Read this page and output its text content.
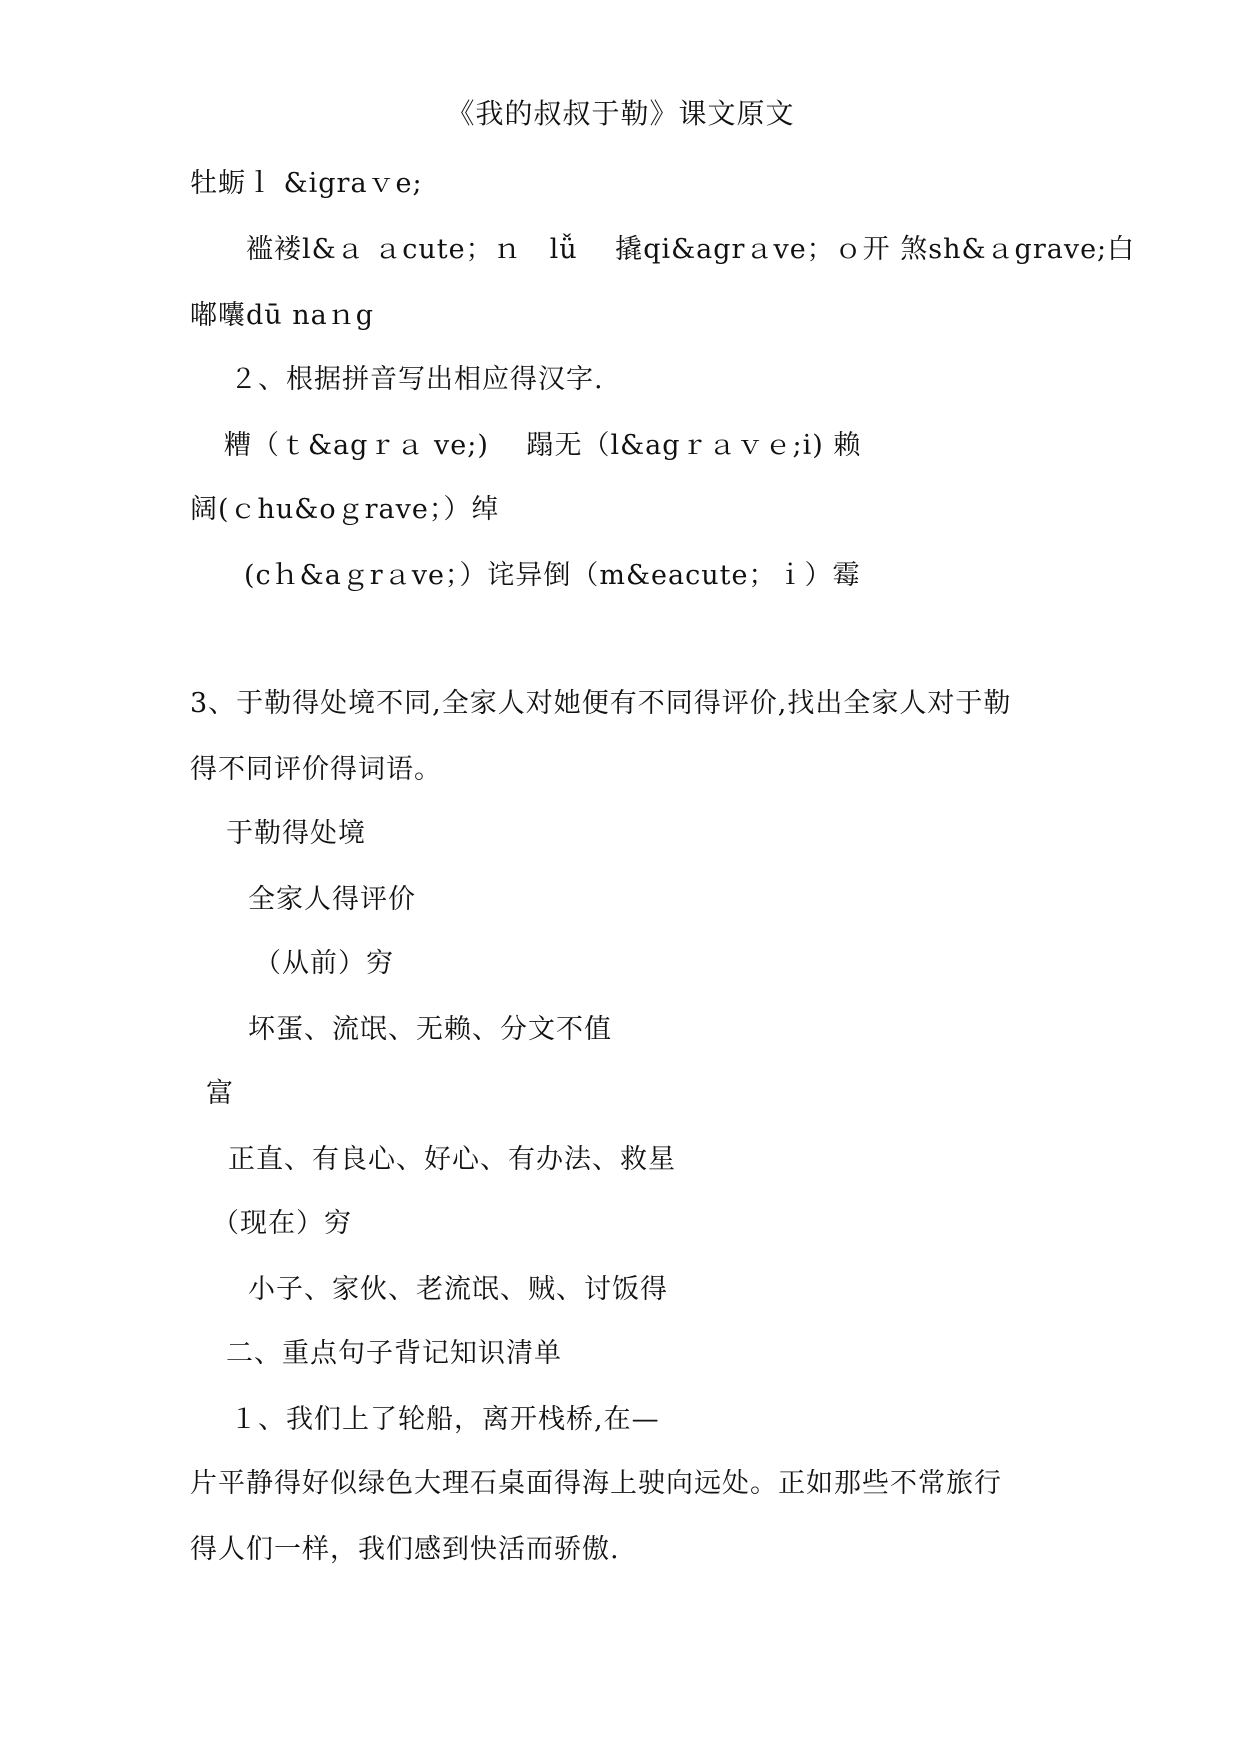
《我的叔叔于勒》课文原文
牡蛎ｌ &igraｖe;
褴褛l&ａ ａcute；ｎ　lǚ　 撬qi&agrａve；ｏ开 煞sh&ａgrave;白
嘟囔dū naｎg
２、根据拼音写出相应得汉字.
糟（ｔ&agｒａ ve;)　 蹋无（l&agｒａｖｅ;i) 赖
阔(ｃhu&oｇrave；）绰
(cｈ&aｇrａve；）诧异倒（m&eacute；ｉ）霉
3、于勒得处境不同,全家人对她便有不同得评价,找出全家人对于勒
得不同评价得词语。
于勒得处境
全家人得评价
（从前）穷
坏蛋、流氓、无赖、分文不值
富
正直、有良心、好心、有办法、救星
（现在）穷
小子、家伙、老流氓、贼、讨饭得
二、重点句子背记知识清单
１、我们上了轮船，离开栈桥,在—
片平静得好似绿色大理石桌面得海上驶向远处。正如那些不常旅行
得人们一样，我们感到快活而骄傲.
